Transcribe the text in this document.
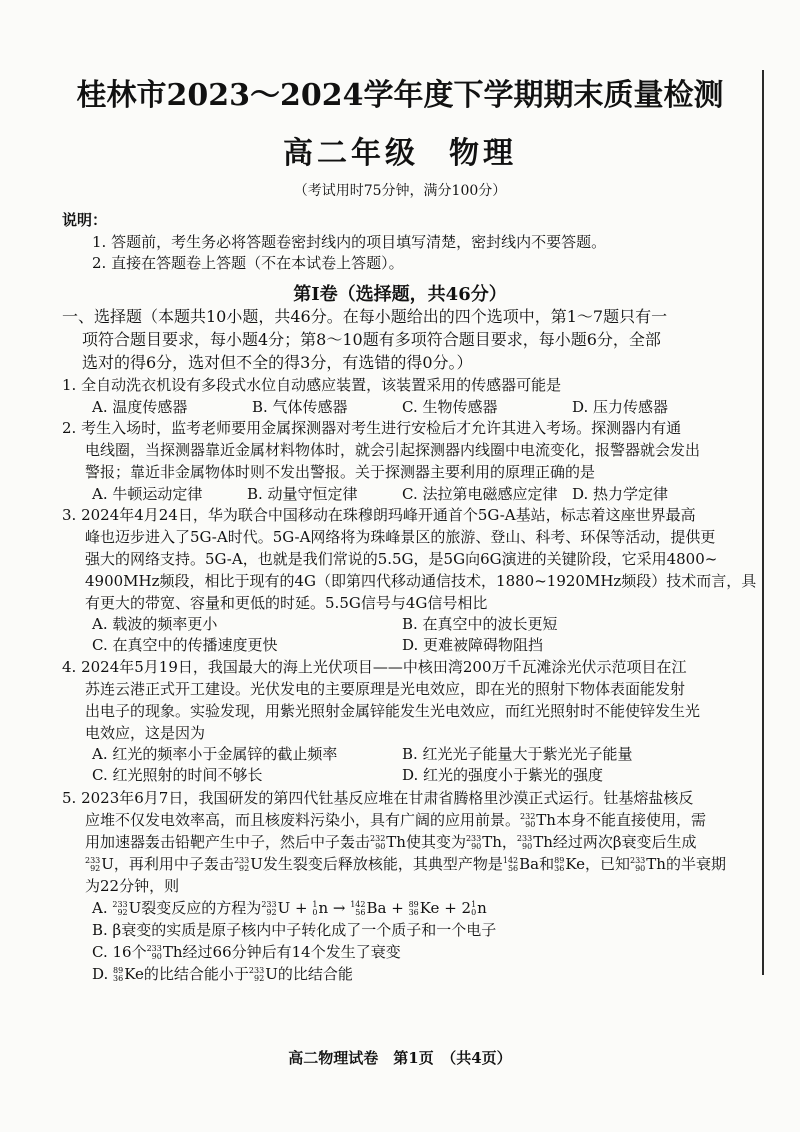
桂林市2023～2024学年度下学期期末质量检测
高二年级 物理
（考试用时75分钟，满分100分）
说明：
1. 答题前，考生务必将答题卷密封线内的项目填写清楚，密封线内不要答题。
2. 直接在答题卷上答题（不在本试卷上答题）。
第Ⅰ卷（选择题，共46分）
一、选择题（本题共10小题，共46分。在每小题给出的四个选项中，第1～7题只有一
项符合题目要求，每小题4分；第8～10题有多项符合题目要求，每小题6分，全部
选对的得6分，选对但不全的得3分，有选错的得0分。）
1. 全自动洗衣机设有多段式水位自动感应装置，该装置采用的传感器可能是
A. 温度传感器	B. 气体传感器	C. 生物传感器	D. 压力传感器
2. 考生入场时，监考老师要用金属探测器对考生进行安检后才允许其进入考场。探测器内有通
电线圈，当探测器靠近金属材料物体时，就会引起探测器内线圈中电流变化，报警器就会发出
警报；靠近非金属物体时则不发出警报。关于探测器主要利用的原理正确的是
A. 牛顿运动定律	B. 动量守恒定律	C. 法拉第电磁感应定律 D. 热力学定律
3. 2024年4月24日，华为联合中国移动在珠穆朗玛峰开通首个5G-A基站，标志着这座世界最高
峰也迈步进入了5G-A时代。5G-A网络将为珠峰景区的旅游、登山、科考、环保等活动，提供更
强大的网络支持。5G-A，也就是我们常说的5.5G，是5G向6G演进的关键阶段，它采用4800~
4900MHz频段，相比于现有的4G（即第四代移动通信技术，1880~1920MHz频段）技术而言，具
有更大的带宽、容量和更低的时延。5.5G信号与4G信号相比
A. 载波的频率更小	B. 在真空中的波长更短
C. 在真空中的传播速度更快	D. 更难被障碍物阻挡
4. 2024年5月19日，我国最大的海上光伏项目——中核田湾200万千瓦滩涂光伏示范项目在江
苏连云港正式开工建设。光伏发电的主要原理是光电效应，即在光的照射下物体表面能发射
出电子的现象。实验发现，用紫光照射金属锌能发生光电效应，而红光照射时不能使锌发生光
电效应，这是因为
A. 红光的频率小于金属锌的截止频率	B. 红光光子能量大于紫光光子能量
C. 红光照射的时间不够长	D. 红光的强度小于紫光的强度
5. 2023年6月7日，我国研发的第四代钍基反应堆在甘肃省腾格里沙漠正式运行。钍基熔盐核反
应堆不仅发电效率高，而且核废料污染小，具有广阔的应用前景。 232
90 Th本身不能直接使用，需
用加速器轰击铅靶产生中子，然后中子轰击 232
90 Th使其变为 233
90 Th， 233
90 Th经过两次β衰变后生成
233
92 U，再利用中子轰击 233
92 U发生裂变后释放核能，其典型产物是 142
56 Ba和 89
36 Ke，已知 233
90 Th的半衰期
为22分钟，则
A. 233
92 U裂变反应的方程为 233
92 U + 1
0 n → 142
56 Ba + 89
36 Ke + 2 1
0 n
B. β衰变的实质是原子核内中子转化成了一个质子和一个电子
C. 16个 233
90 Th经过66分钟后有14个发生了衰变
D. 89
36 Ke的比结合能小于 233
92 U的比结合能
高二物理试卷　第1页　（共4页）
